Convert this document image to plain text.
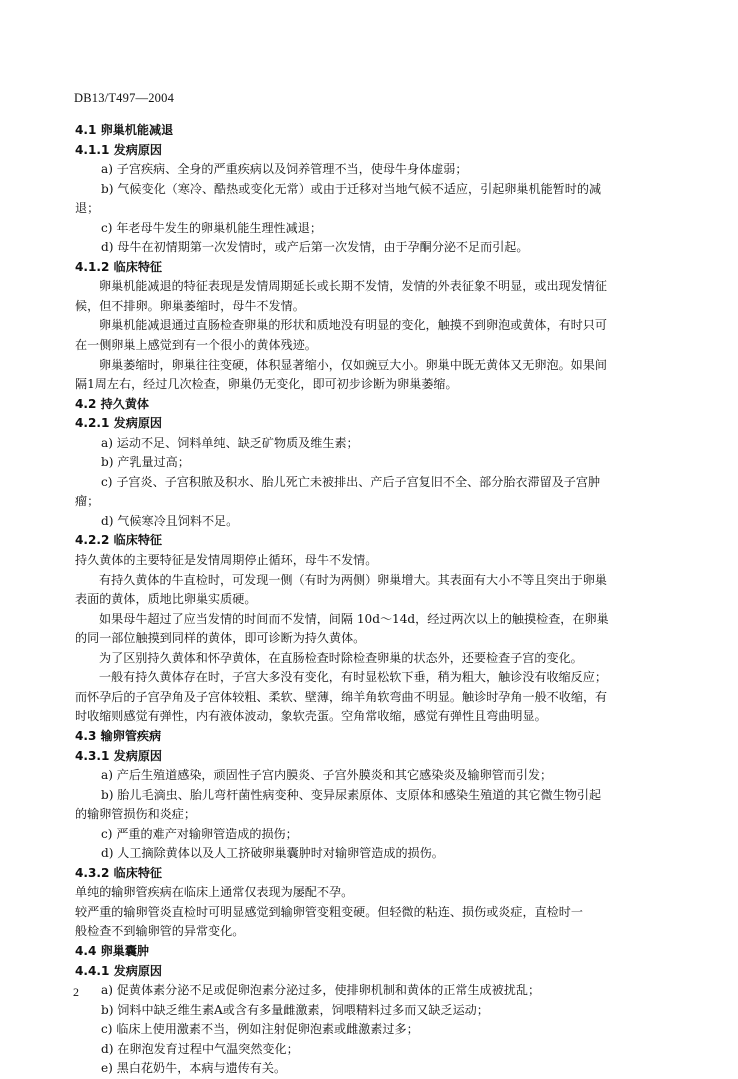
DB13/T497—2004
4.1 卵巢机能减退
4.1.1 发病原因
a) 子宫疾病、全身的严重疾病以及饲养管理不当，使母牛身体虚弱；
b) 气候变化（寒冷、酷热或变化无常）或由于迁移对当地气候不适应，引起卵巢机能暂时的减
退；
c) 年老母牛发生的卵巢机能生理性减退；
d) 母牛在初情期第一次发情时，或产后第一次发情，由于孕酮分泌不足而引起。
4.1.2 临床特征
卵巢机能减退的特征表现是发情周期延长或长期不发情，发情的外表征象不明显，或出现发情征
候，但不排卵。卵巢萎缩时，母牛不发情。
卵巢机能减退通过直肠检查卵巢的形状和质地没有明显的变化，触摸不到卵泡或黄体，有时只可
在一侧卵巢上感觉到有一个很小的黄体残迹。
卵巢萎缩时，卵巢往往变硬，体积显著缩小，仅如豌豆大小。卵巢中既无黄体又无卵泡。如果间
隔1周左右，经过几次检查，卵巢仍无变化，即可初步诊断为卵巢萎缩。
4.2 持久黄体
4.2.1 发病原因
a) 运动不足、饲料单纯、缺乏矿物质及维生素；
b) 产乳量过高；
c) 子宫炎、子宫积脓及积水、胎儿死亡未被排出、产后子宫复旧不全、部分胎衣滞留及子宫肿
瘤；
d) 气候寒冷且饲料不足。
4.2.2 临床特征
持久黄体的主要特征是发情周期停止循环，母牛不发情。
有持久黄体的牛直检时，可发现一侧（有时为两侧）卵巢增大。其表面有大小不等且突出于卵巢
表面的黄体，质地比卵巢实质硬。
如果母牛超过了应当发情的时间而不发情，间隔 10d～14d，经过两次以上的触摸检查，在卵巢
的同一部位触摸到同样的黄体，即可诊断为持久黄体。
为了区别持久黄体和怀孕黄体，在直肠检查时除检查卵巢的状态外，还要检查子宫的变化。
一般有持久黄体存在时，子宫大多没有变化，有时显松软下垂，稍为粗大，触诊没有收缩反应；
而怀孕后的子宫孕角及子宫体较粗、柔软、壁薄，绵羊角软弯曲不明显。触诊时孕角一般不收缩，有
时收缩则感觉有弹性，内有液体波动，象软壳蛋。空角常收缩，感觉有弹性且弯曲明显。
4.3 输卵管疾病
4.3.1 发病原因
a) 产后生殖道感染，顽固性子宫内膜炎、子宫外膜炎和其它感染炎及输卵管而引发；
b) 胎儿毛滴虫、胎儿弯杆菌性病变种、变异尿素原体、支原体和感染生殖道的其它微生物引起
的输卵管损伤和炎症；
c) 严重的难产对输卵管造成的损伤；
d) 人工摘除黄体以及人工挤破卵巢囊肿时对输卵管造成的损伤。
4.3.2 临床特征
单纯的输卵管疾病在临床上通常仅表现为屡配不孕。
较严重的输卵管炎直检时可明显感觉到输卵管变粗变硬。但轻微的粘连、损伤或炎症，直检时一
般检查不到输卵管的异常变化。
4.4 卵巢囊肿
4.4.1 发病原因
a) 促黄体素分泌不足或促卵泡素分泌过多，使排卵机制和黄体的正常生成被扰乱；
b) 饲料中缺乏维生素A或含有多量雌激素，饲喂精料过多而又缺乏运动；
c) 临床上使用激素不当，例如注射促卵泡素或雌激素过多；
d) 在卵泡发育过程中气温突然变化；
e) 黑白花奶牛，本病与遗传有关。
2
